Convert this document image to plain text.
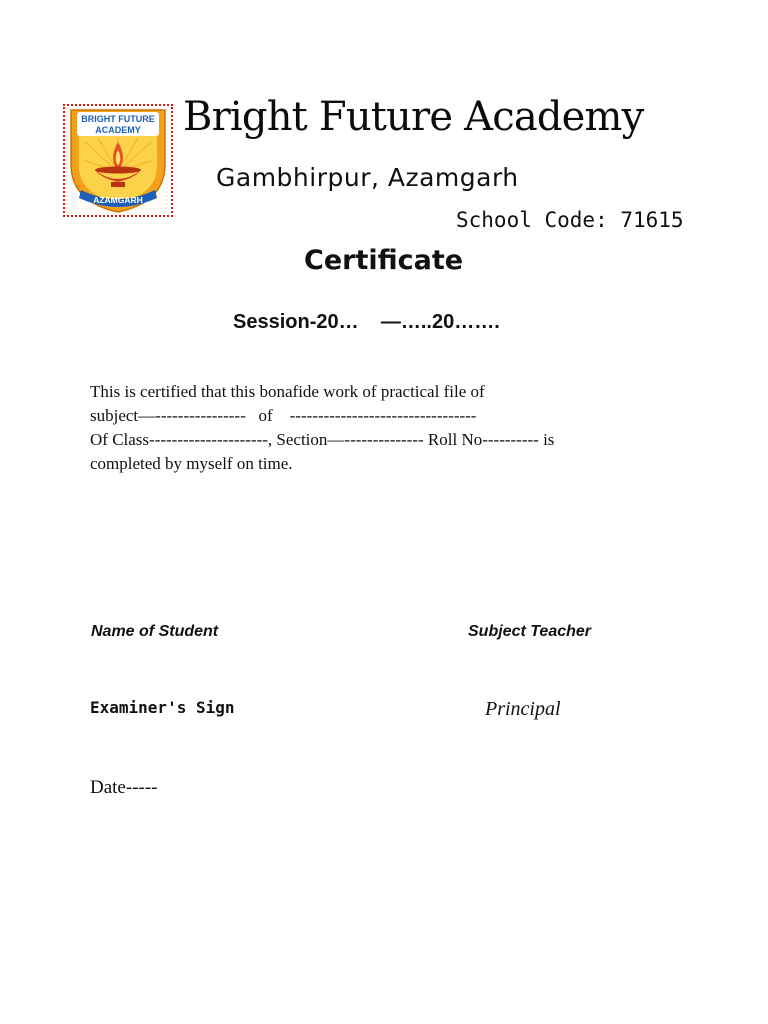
BRIGHT FUTURE
ACADEMY
AZAMGARH
Bright Future Academy
Gambhirpur, Azamgarh
School Code: 71615
Certificate
Session-20…    —…..20…….
This is certified that this bonafide work of practical file of
subject—----------------   of    ---------------------------------
Of Class---------------------, Section—-------------- Roll No---------- is
completed by myself on time.
Name of Student	Subject Teacher
Examiner's Sign	Principal
Date-----
